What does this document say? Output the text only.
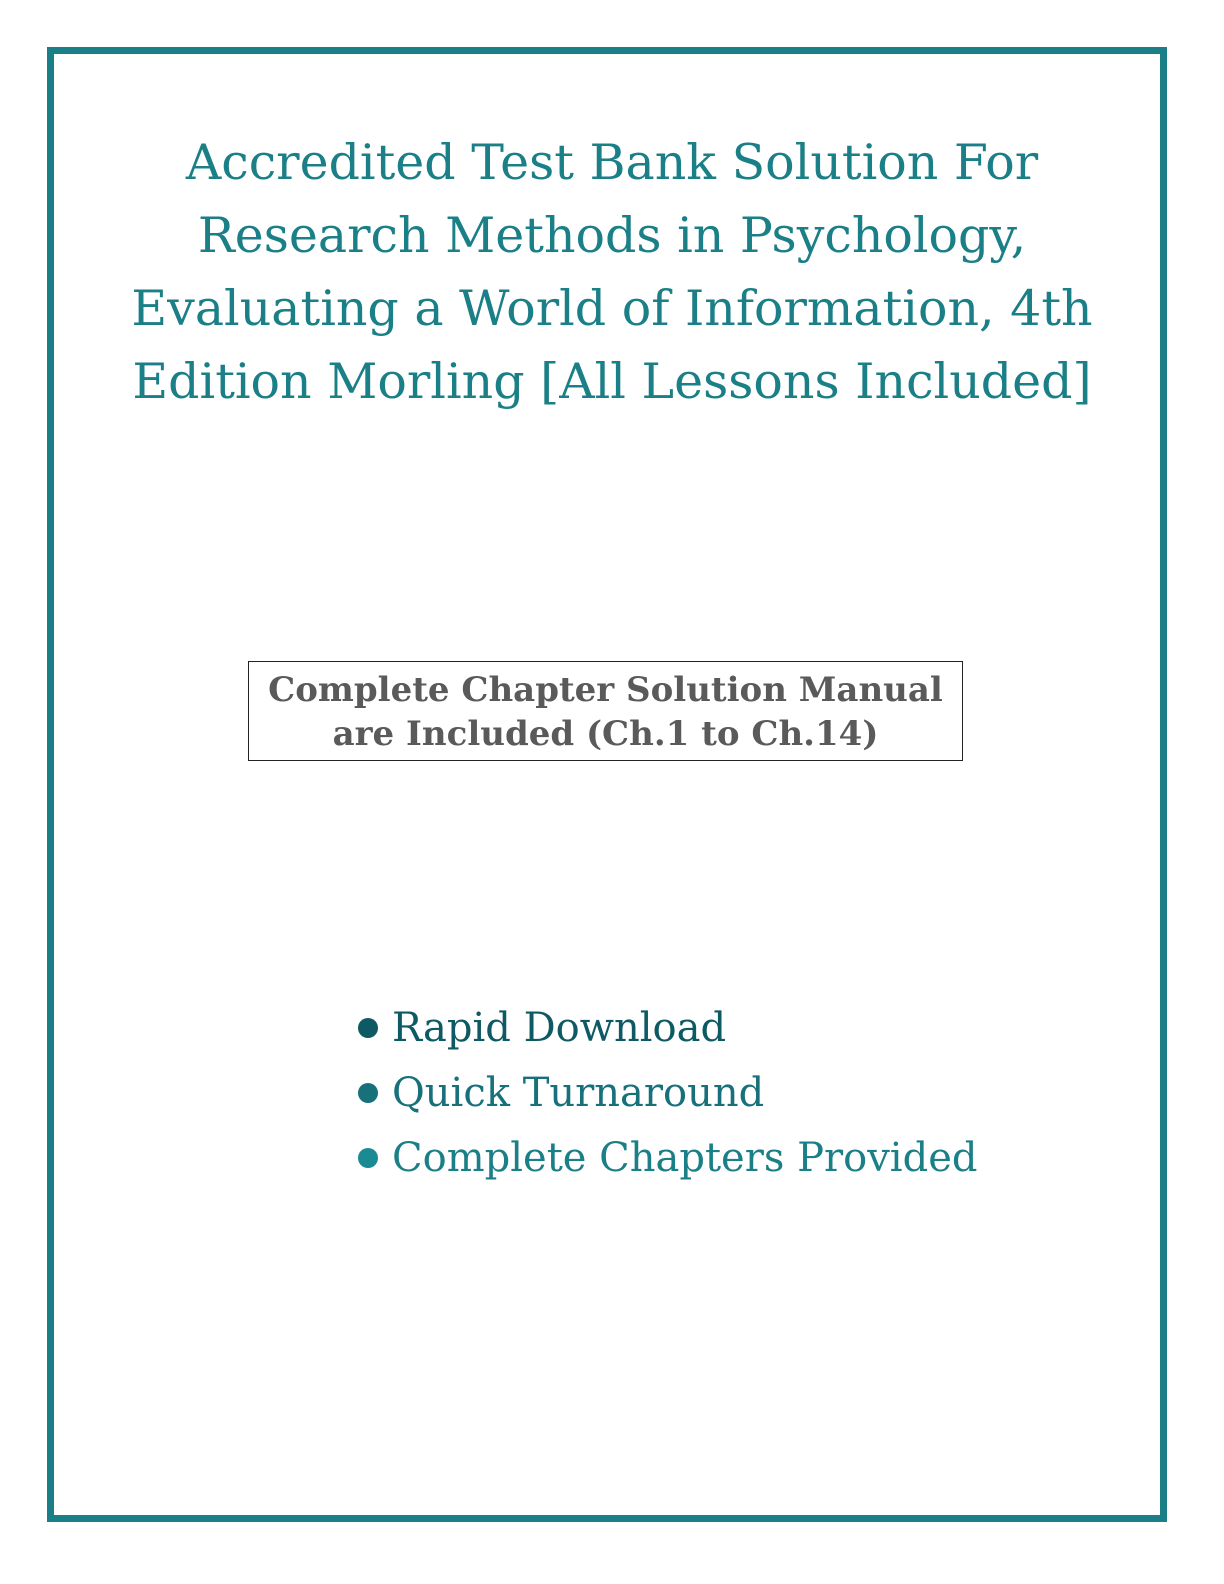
Accredited Test Bank Solution For
Research Methods in Psychology,
Evaluating a World of Information, 4th
Edition Morling [All Lessons Included]
Complete Chapter Solution Manual
are Included (Ch.1 to Ch.14)
Rapid Download
Quick Turnaround
Complete Chapters Provided
